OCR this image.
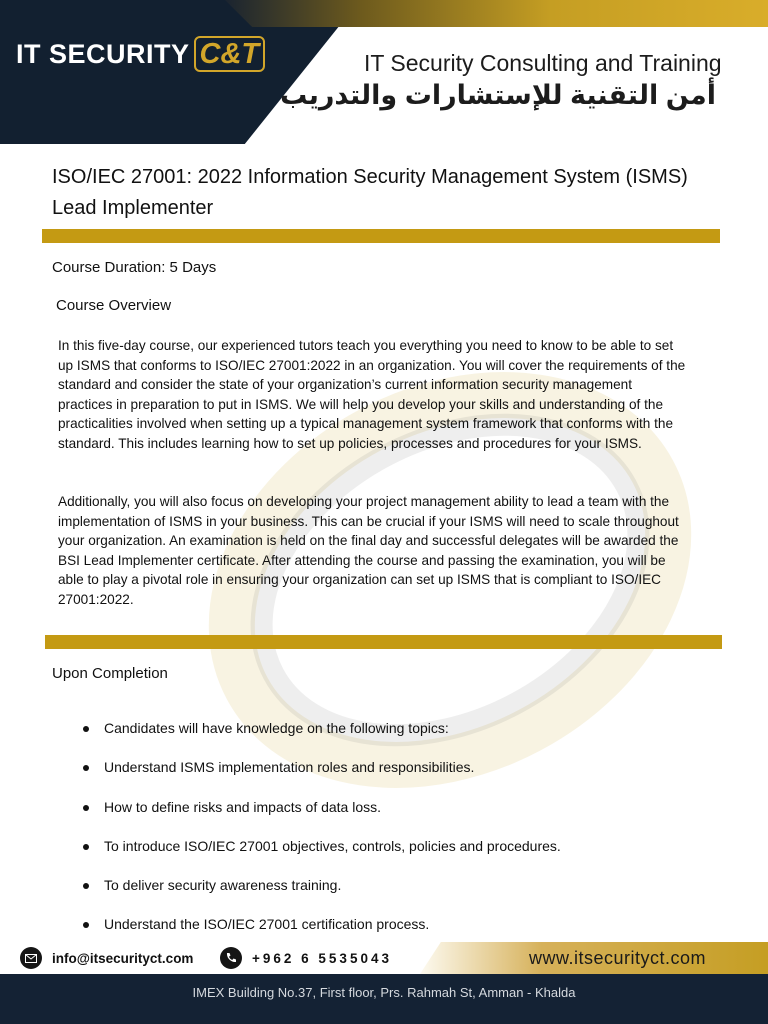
IT SECURITY C&T	IT Security Consulting and Training
أمن التقنية للإستشارات والتدريب
ISO/IEC 27001: 2022 Information Security Management System (ISMS) Lead Implementer
Course Duration: 5 Days
Course Overview

In this five-day course, our experienced tutors teach you everything you need to know to be able to set up ISMS that conforms to ISO/IEC 27001:2022 in an organization. You will cover the requirements of the standard and consider the state of your organization’s current information security management practices in preparation to put in ISMS. We will help you develop your skills and understanding of the practicalities involved when setting up a typical management system framework that conforms with the standard. This includes learning how to set up policies, processes and procedures for your ISMS.

Additionally, you will also focus on developing your project management ability to lead a team with the implementation of ISMS in your business. This can be crucial if your ISMS will need to scale throughout your organization. An examination is held on the final day and successful delegates will be awarded the BSI Lead Implementer certificate. After attending the course and passing the examination, you will be able to play a pivotal role in ensuring your organization can set up ISMS that is compliant to ISO/IEC 27001:2022.

Upon Completion
Candidates will have knowledge on the following topics:
Understand ISMS implementation roles and responsibilities.
How to define risks and impacts of data loss.
To introduce ISO/IEC 27001 objectives, controls, policies and procedures.
To deliver security awareness training.
Understand the ISO/IEC 27001 certification process.
info@itsecurityct.com	+962 6 5535043	www.itsecurityct.com
IMEX Building No.37, First floor, Prs. Rahmah St, Amman - Khalda
